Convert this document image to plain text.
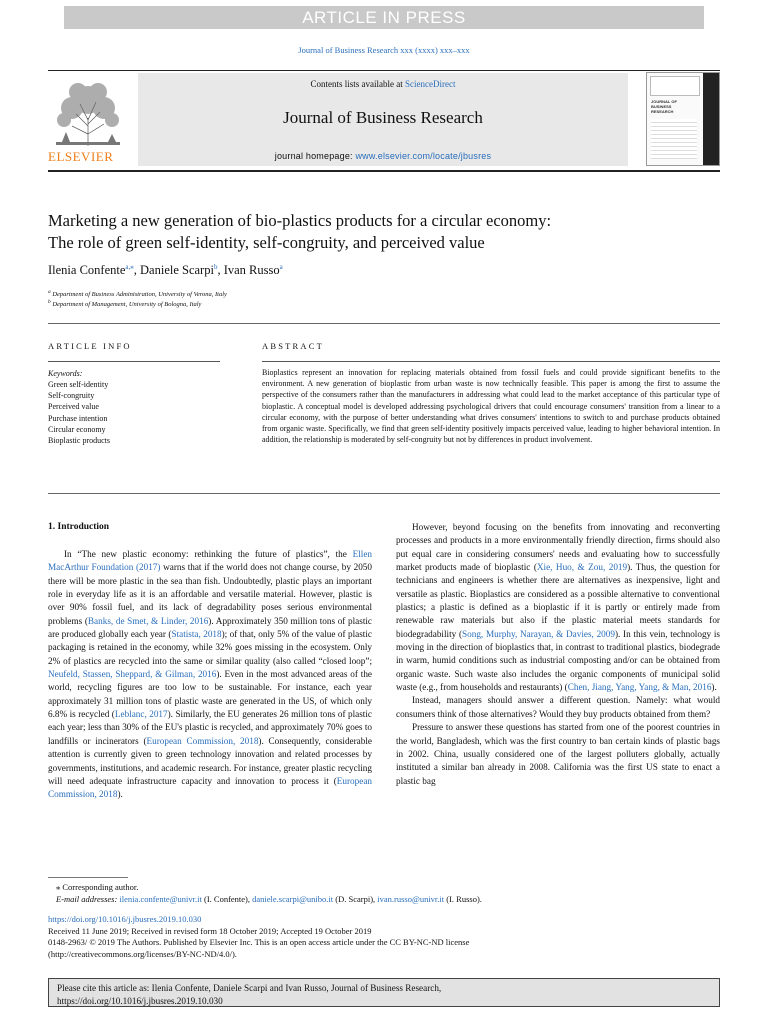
ARTICLE IN PRESS
Journal of Business Research xxx (xxxx) xxx–xxx
ELSEVIER
Contents lists available at ScienceDirect
Journal of Business Research
journal homepage: www.elsevier.com/locate/jbusres
JOURNAL OF
BUSINESS
RESEARCH
Marketing a new generation of bio-plastics products for a circular economy:
The role of green self-identity, self-congruity, and perceived value
Ilenia Confente$^{a,⁎}$, Daniele Scarpi$^b$, Ivan Russo$^a$
$^a$ Department of Business Administration, University of Verona, Italy
$^b$ Department of Management, University of Bologna, Italy
ARTICLE INFO	ABSTRACT
Keywords:
Green self-identity
Self-congruity
Perceived value
Purchase intention
Circular economy
Bioplastic products
Bioplastics represent an innovation for replacing materials obtained from fossil fuels and could provide significant benefits to the environment. A new generation of bioplastic from urban waste is now technically feasible. This paper is among the first to assume the perspective of the consumers rather than the manufacturers in addressing what could lead to the market acceptance of this particular type of bioplastic. A conceptual model is developed addressing psychological drivers that could encourage consumers' transition from a linear to a circular economy, with the purpose of better understanding what drives consumers' intentions to switch to and purchase products obtained from organic waste. Specifically, we find that green self-identity positively impacts perceived value, leading to higher behavioral intention. In addition, the relationship is moderated by self-congruity but not by differences in product involvement.
1. Introduction

In “The new plastic economy: rethinking the future of plastics”, the Ellen MacArthur Foundation (2017) warns that if the world does not change course, by 2050 there will be more plastic in the sea than fish. Undoubtedly, plastic plays an important role in everyday life as it is an affordable and versatile material. However, plastic is over 90% fossil fuel, and its lack of degradability poses serious environmental problems (Banks, de Smet, & Linder, 2016). Approximately 350 million tons of plastic are produced globally each year (Statista, 2018); of that, only 5% of the value of plastic packaging is retained in the economy, while 32% goes missing in the ecosystem. Only 2% of plastics are recycled into the same or similar quality (also called “closed loop”; Neufeld, Stassen, Sheppard, & Gilman, 2016). Even in the most advanced areas of the world, recycling figures are too low to be sustainable. For instance, each year approximately 31 million tons of plastic waste are generated in the US, of which only 6.8% is recycled (Leblanc, 2017). Similarly, the EU generates 26 million tons of plastic each year; less than 30% of the EU's plastic is recycled, and approximately 70% goes to landfills or incinerators (European Commission, 2018). Consequently, considerable attention is currently given to green technology innovation and related processes by governments, institutions, and academic research. For instance, greater plastic recycling will need adequate infrastructure capacity and innovation to process it (European Commission, 2018).

However, beyond focusing on the benefits from innovating and reconverting processes and products in a more environmentally friendly direction, firms should also put equal care in considering consumers' needs and evaluating how to successfully market products made of bioplastic (Xie, Huo, & Zou, 2019). Thus, the question for technicians and engineers is whether there are alternatives as inexpensive, light and versatile as plastic. Bioplastics are considered as a possible alternative to conventional plastics; a plastic is defined as a bioplastic if it is partly or entirely made from renewable raw materials but also if the plastic material meets standards for biodegradability (Song, Murphy, Narayan, & Davies, 2009). In this vein, technology is moving in the direction of bioplastics that, in contrast to traditional plastics, biodegrade in warm, humid conditions such as industrial composting and/or can be obtained from organic waste. Such waste also includes the organic components of municipal solid waste (e.g., from households and restaurants) (Chen, Jiang, Yang, Yang, & Man, 2016).

Instead, managers should answer a different question. Namely: what would consumers think of those alternatives? Would they buy products obtained from them?

Pressure to answer these questions has started from one of the poorest countries in the world, Bangladesh, which was the first country to ban certain kinds of plastic bags in 2002. China, usually considered one of the largest polluters globally, actually instituted a similar ban already in 2008. California was the first US state to enact a plastic bag

⁎ Corresponding author.
E-mail addresses: ilenia.confente@univr.it (I. Confente), daniele.scarpi@unibo.it (D. Scarpi), ivan.russo@univr.it (I. Russo).
https://doi.org/10.1016/j.jbusres.2019.10.030
Received 11 June 2019; Received in revised form 18 October 2019; Accepted 19 October 2019
0148-2963/ © 2019 The Authors. Published by Elsevier Inc. This is an open access article under the CC BY-NC-ND license
(http://creativecommons.org/licenses/BY-NC-ND/4.0/).
Please cite this article as: Ilenia Confente, Daniele Scarpi and Ivan Russo, Journal of Business Research,
https://doi.org/10.1016/j.jbusres.2019.10.030
